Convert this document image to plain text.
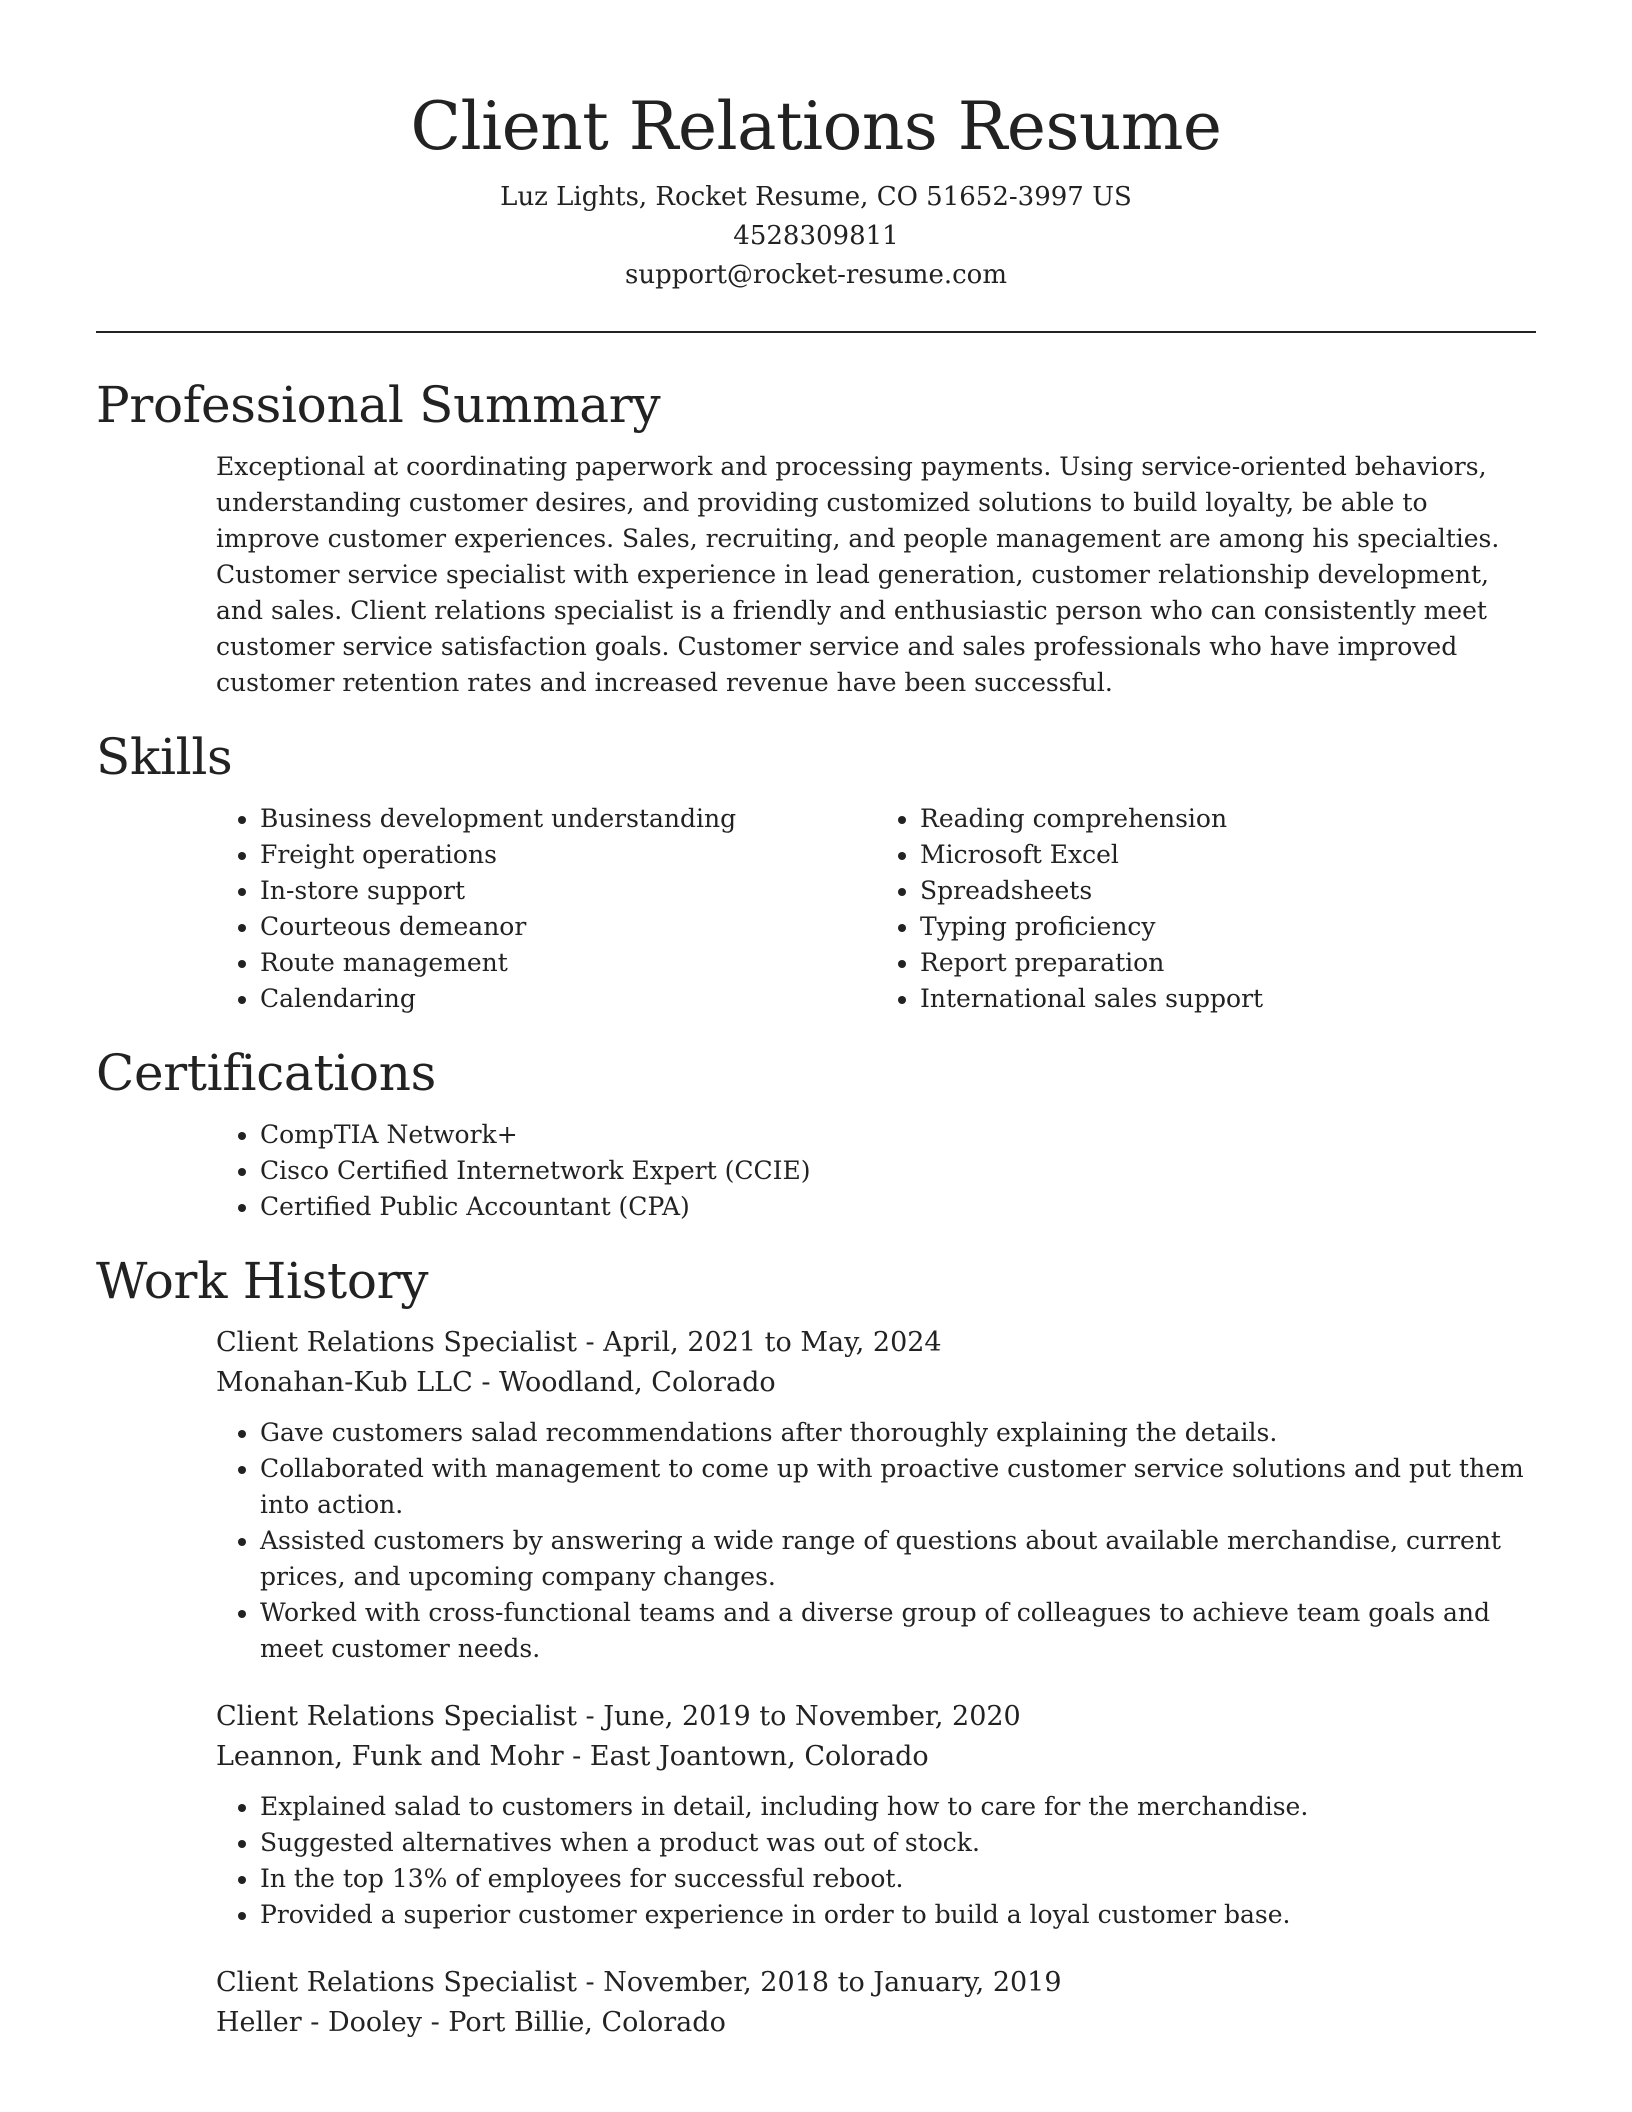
Client Relations Resume
Luz Lights, Rocket Resume, CO 51652-3997 US
4528309811
support@rocket-resume.com
Professional Summary
Exceptional at coordinating paperwork and processing payments. Using service-oriented behaviors, understanding customer desires, and providing customized solutions to build loyalty, be able to improve customer experiences. Sales, recruiting, and people management are among his specialties. Customer service specialist with experience in lead generation, customer relationship development, and sales. Client relations specialist is a friendly and enthusiastic person who can consistently meet customer service satisfaction goals. Customer service and sales professionals who have improved customer retention rates and increased revenue have been successful.
Skills
• Business development understanding
• Freight operations
• In-store support
• Courteous demeanor
• Route management
• Calendaring
• Reading comprehension
• Microsoft Excel
• Spreadsheets
• Typing proficiency
• Report preparation
• International sales support
Certifications
• CompTIA Network+
• Cisco Certified Internetwork Expert (CCIE)
• Certified Public Accountant (CPA)
Work History
Client Relations Specialist - April, 2021 to May, 2024
Monahan-Kub LLC - Woodland, Colorado
• Gave customers salad recommendations after thoroughly explaining the details.
• Collaborated with management to come up with proactive customer service solutions and put them into action.
• Assisted customers by answering a wide range of questions about available merchandise, current prices, and upcoming company changes.
• Worked with cross-functional teams and a diverse group of colleagues to achieve team goals and meet customer needs.
Client Relations Specialist - June, 2019 to November, 2020
Leannon, Funk and Mohr - East Joantown, Colorado
• Explained salad to customers in detail, including how to care for the merchandise.
• Suggested alternatives when a product was out of stock.
• In the top 13% of employees for successful reboot.
• Provided a superior customer experience in order to build a loyal customer base.
Client Relations Specialist - November, 2018 to January, 2019
Heller - Dooley - Port Billie, Colorado
